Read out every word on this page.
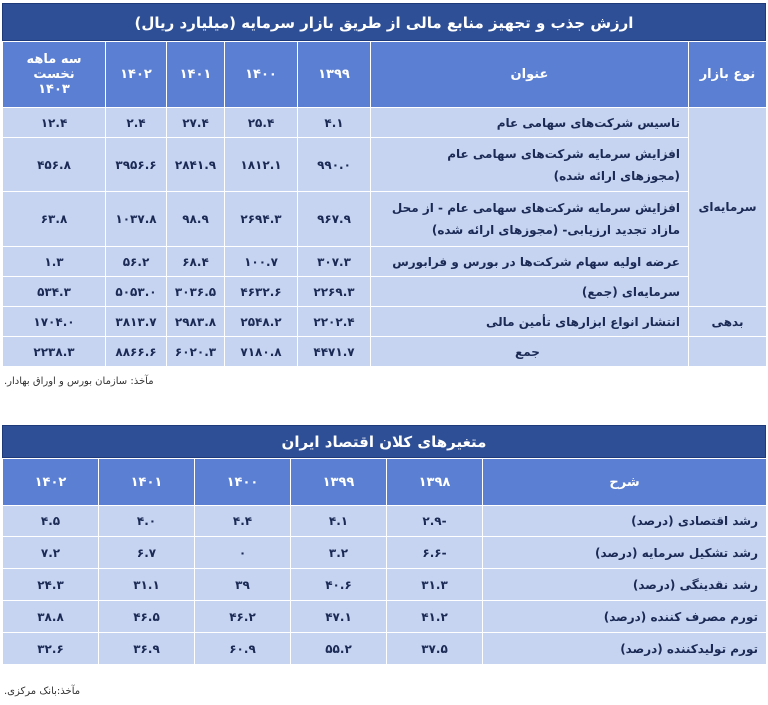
ارزش جذب و تجهیز منابع مالی از طریق بازار سرمایه (میلیارد ریال)
نوع بازار	عنوان	۱۳۹۹	۱۴۰۰	۱۴۰۱	۱۴۰۲	سه ماهه نخست
۱۴۰۳

سرمایه‌ای	تاسیس شرکت‌های سهامی عام	۴.۱	۲۵.۴	۲۷.۴	۲.۴	۱۲.۴

	افزایش سرمایه شرکت‌های سهامی عام
(مجوزهای ارائه شده)	۹۹۰.۰	۱۸۱۲.۱	۲۸۴۱.۹	۳۹۵۶.۶	۴۵۶.۸

	افزایش سرمایه شرکت‌های سهامی عام - از محل
مازاد تجدید ارزیابی- (مجوزهای ارائه شده)	۹۶۷.۹	۲۶۹۴.۳	۹۸.۹	۱۰۳۷.۸	۶۳.۸
	عرضه اولیه سهام شرکت‌ها در بورس و فرابورس	۳۰۷.۳	۱۰۰.۷	۶۸.۴	۵۶.۲	۱.۳
	سرمایه‌ای (جمع)	۲۲۶۹.۳	۴۶۳۲.۶	۳۰۳۶.۵	۵۰۵۳.۰	۵۳۴.۳
بدهی	انتشار انواع ابزارهای تأمین مالی	۲۲۰۲.۴	۲۵۴۸.۲	۲۹۸۳.۸	۳۸۱۳.۷	۱۷۰۴.۰
	جمع	۴۴۷۱.۷	۷۱۸۰.۸	۶۰۲۰.۳	۸۸۶۶.۶	۲۲۳۸.۳
مآخذ: سازمان بورس و اوراق بهادار.
متغیرهای کلان اقتصاد ایران
شرح	۱۳۹۸	۱۳۹۹	۱۴۰۰	۱۴۰۱	۱۴۰۲
رشد اقتصادی (درصد)	-۲.۹	۴.۱	۴.۴	۴.۰	۴.۵
رشد تشکیل سرمایه (درصد)	-۶.۶	۳.۲	۰	۶.۷	۷.۲
رشد نقدینگی (درصد)	۳۱.۳	۴۰.۶	۳۹	۳۱.۱	۲۴.۳
تورم مصرف کننده (درصد)	۴۱.۲	۴۷.۱	۴۶.۲	۴۶.۵	۳۸.۸
تورم تولیدکننده (درصد)	۳۷.۵	۵۵.۲	۶۰.۹	۳۶.۹	۳۲.۶
مآخذ:بانک مرکزی.
